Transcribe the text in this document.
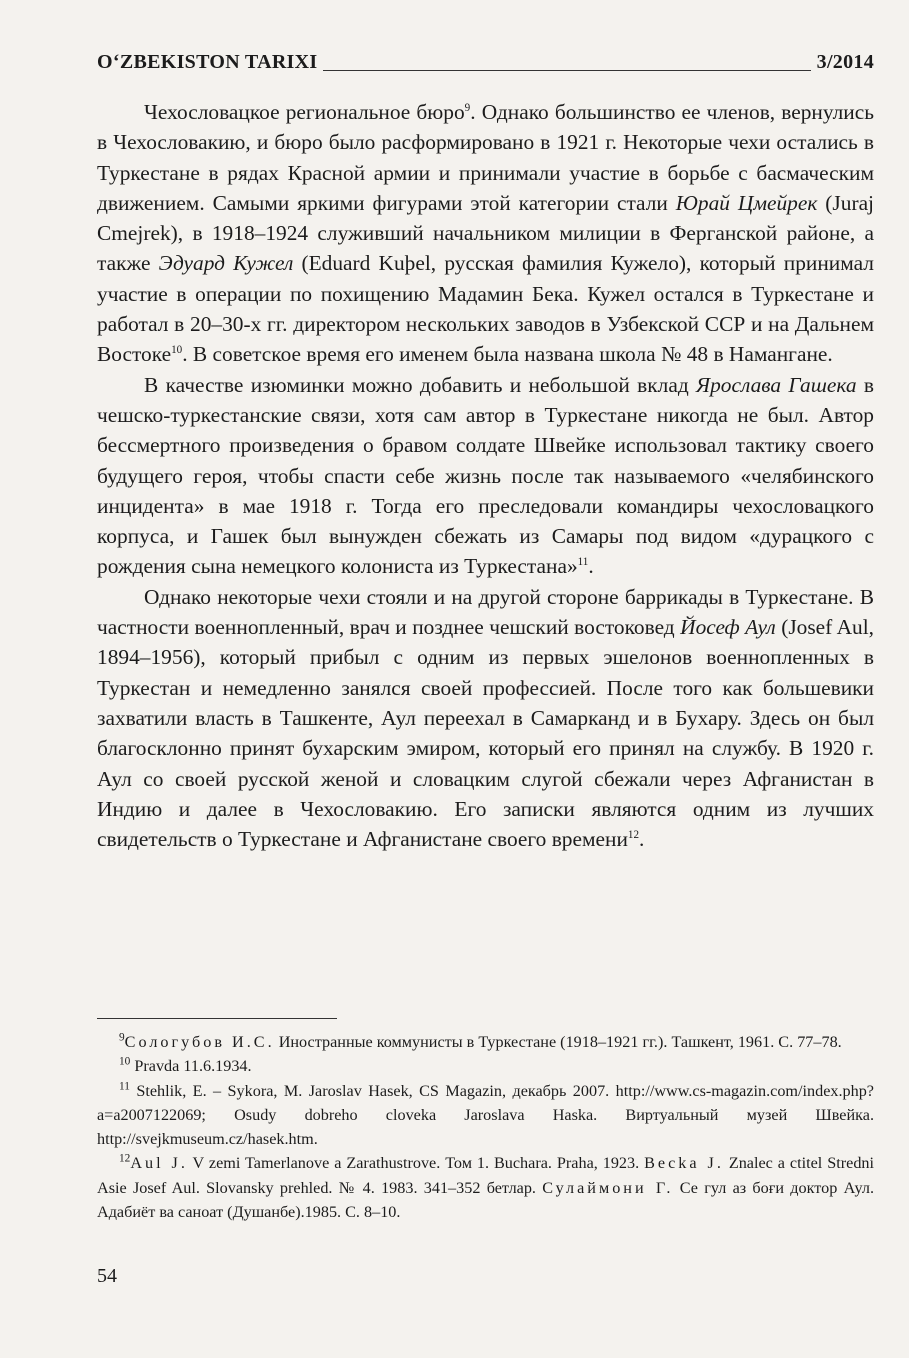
O‘ZBEKISTON TARIXI	3/2014

Чехословацкое региональное бюро$^9$. Однако большинство ее членов, вернулись в Чехословакию, и бюро было расформировано в 1921 г. Некоторые чехи остались в Туркестане в рядах Красной армии и принимали участие в борьбе с басмаческим движением. Самыми яркими фигурами этой категории стали Юрай Цмейрек (Juraj Cmejrek), в 1918–1924 служивший начальником милиции в Ферганской районе, а также Эдуард Кужел (Eduard Kuþel, русская фамилия Кужело), который принимал участие в операции по похищению Мадамин Бека. Кужел остался в Туркестане и работал в 20–30-х гг. директором нескольких заводов в Узбекской ССР и на Дальнем Востоке$^{10}$. В советское время его именем была названа школа № 48 в Намангане.

В качестве изюминки можно добавить и небольшой вклад Ярослава Гашека в чешско-туркестанские связи, хотя сам автор в Туркестане никогда не был. Автор бессмертного произведения о бравом солдате Швейке использовал тактику своего будущего героя, чтобы спасти себе жизнь после так называемого «челябинского инцидента» в мае 1918 г. Тогда его преследовали командиры чехословацкого корпуса, и Гашек был вынужден сбежать из Самары под видом «дурацкого с рождения сына немецкого колониста из Туркестана»$^{11}$.

Однако некоторые чехи стояли и на другой стороне баррикады в Туркестане. В частности военнопленный, врач и позднее чешский востоковед Йосеф Аул (Josef Aul, 1894–1956), который прибыл с одним из первых эшелонов военнопленных в Туркестан и немедленно занялся своей профессией. После того как большевики захватили власть в Ташкенте, Аул переехал в Самарканд и в Бухару. Здесь он был благосклонно принят бухарским эмиром, который его принял на службу. В 1920 г. Аул со своей русской женой и словацким слугой сбежали через Афганистан в Индию и далее в Чехословакию. Его записки являются одним из лучших свидетельств о Туркестане и Афганистане своего времени$^{12}$.

$^9$Сологубов И.С. Иностранные коммунисты в Туркестане (1918–1921 гг.). Ташкент, 1961. С. 77–78.

$^{10}$ Pravda 11.6.1934.

$^{11}$ Stehlik, E. – Sykora, M. Jaroslav Hasek, CS Magazin, декабрь 2007. http://www.cs-magazin.com/index.php?a=a2007122069; Osudy dobreho cloveka Jaroslava Haska. Виртуальный музей Швейка. http://svejkmuseum.cz/hasek.htm.

$^{12}$Aul J. V zemi Tamerlanove a Zarathustrove. Том 1. Buchara. Praha, 1923. Becka J. Znalec a ctitel Stredni Asie Josef Aul. Slovansky prehled. № 4. 1983. 341–352 бетлар. Сулаймони Г. Се гул аз боғи доктор Аул. Адабиёт ва саноат (Душанбе).1985. С. 8–10.

54
